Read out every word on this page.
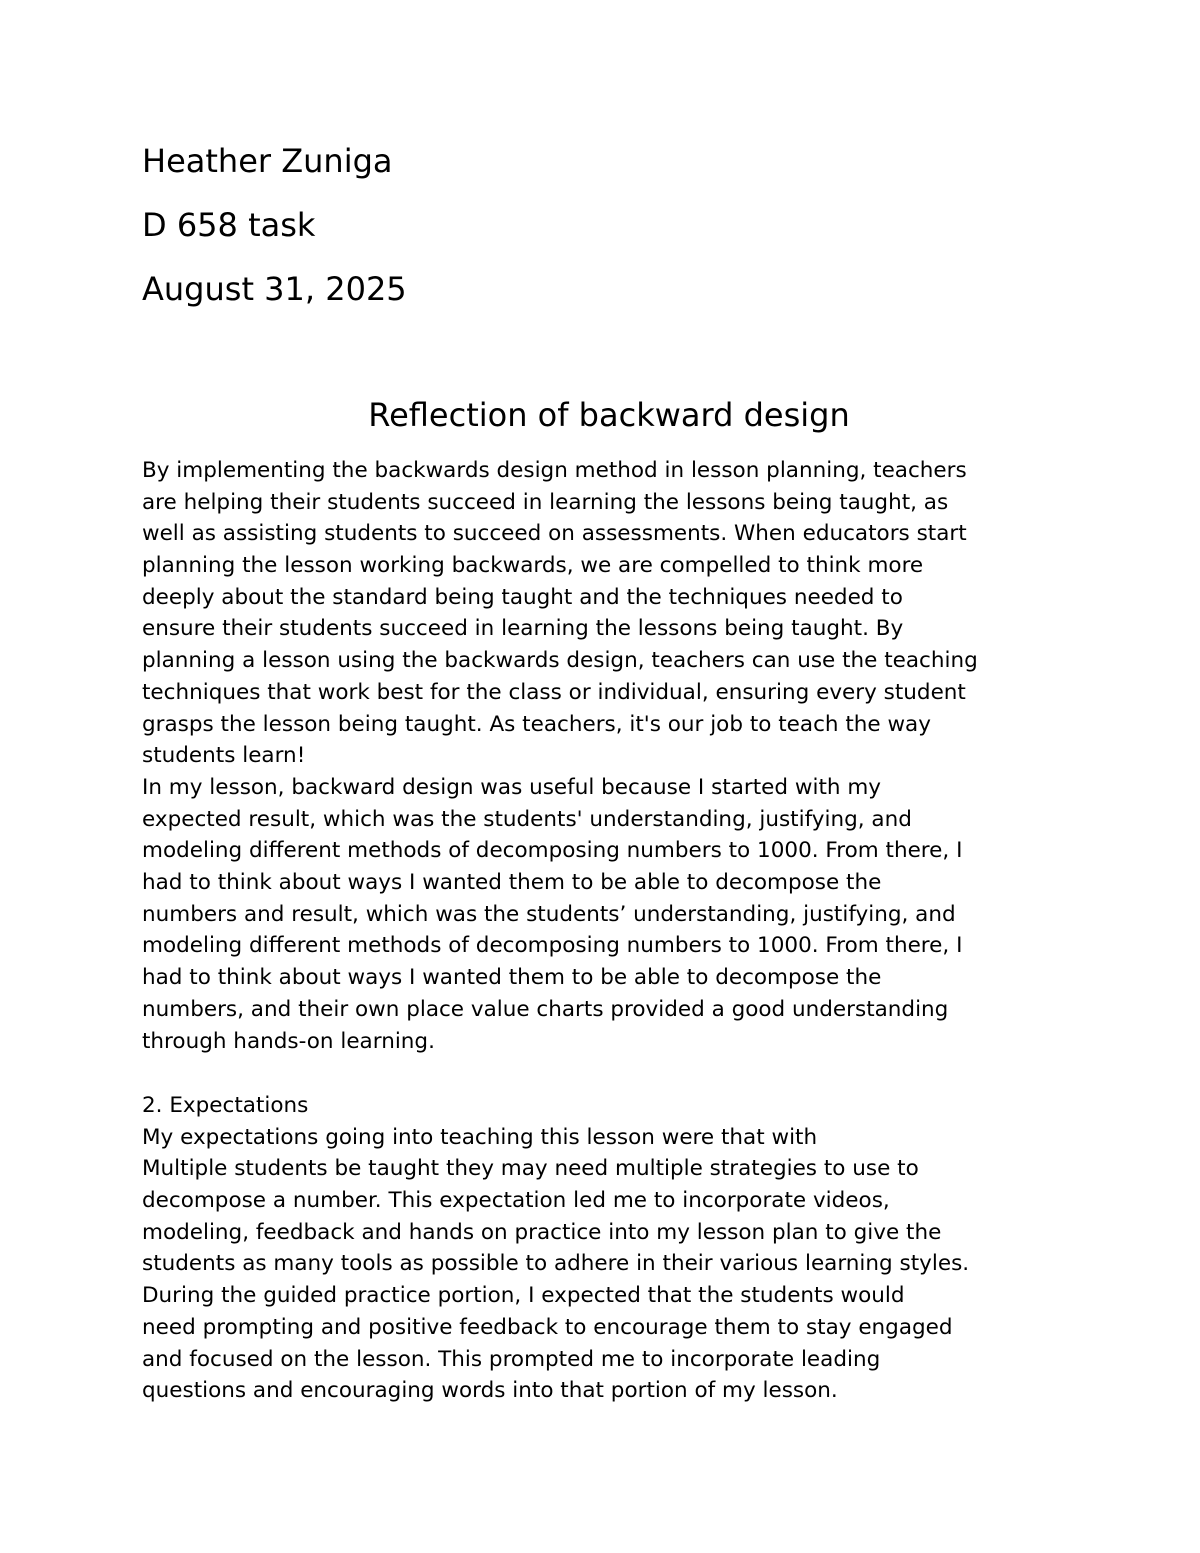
Heather Zuniga

D 658 task

August 31, 2025

Reflection of backward design
By implementing the backwards design method in lesson planning, teachers
are helping their students succeed in learning the lessons being taught, as
well as assisting students to succeed on assessments. When educators start
planning the lesson working backwards, we are compelled to think more
deeply about the standard being taught and the techniques needed to
ensure their students succeed in learning the lessons being taught. By
planning a lesson using the backwards design, teachers can use the teaching
techniques that work best for the class or individual, ensuring every student
grasps the lesson being taught. As teachers, it's our job to teach the way
students learn!
In my lesson, backward design was useful because I started with my
expected result, which was the students' understanding, justifying, and
modeling different methods of decomposing numbers to 1000. From there, I
had to think about ways I wanted them to be able to decompose the
numbers and result, which was the students’ understanding, justifying, and
modeling different methods of decomposing numbers to 1000. From there, I
had to think about ways I wanted them to be able to decompose the
numbers, and their own place value charts provided a good understanding
through hands-on learning.
2. Expectations
My expectations going into teaching this lesson were that with
Multiple students be taught they may need multiple strategies to use to
decompose a number. This expectation led me to incorporate videos,
modeling, feedback and hands on practice into my lesson plan to give the
students as many tools as possible to adhere in their various learning styles.
During the guided practice portion, I expected that the students would
need prompting and positive feedback to encourage them to stay engaged
and focused on the lesson. This prompted me to incorporate leading
questions and encouraging words into that portion of my lesson.
